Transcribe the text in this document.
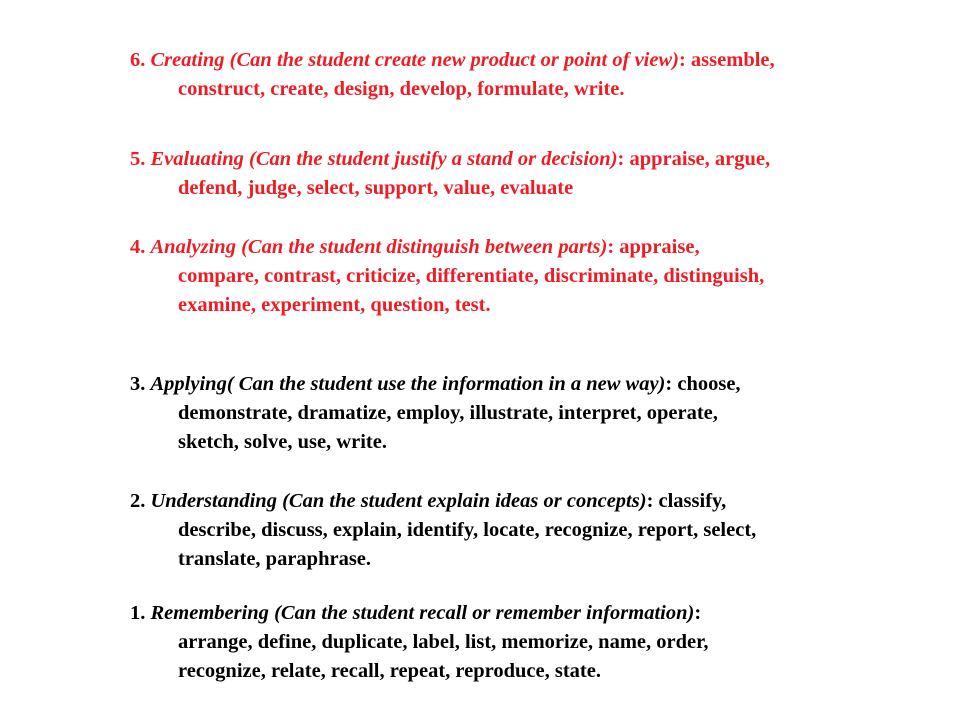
6. Creating (Can the student create new product or point of view): assemble,

construct, create, design, develop, formulate, write.

5. Evaluating (Can the student justify a stand or decision): appraise, argue,

defend, judge, select, support, value, evaluate

4. Analyzing (Can the student distinguish between parts): appraise,

compare, contrast, criticize, differentiate, discriminate, distinguish,

examine, experiment, question, test.

3. Applying( Can the student use the information in a new way): choose,

demonstrate, dramatize, employ, illustrate, interpret, operate,

sketch, solve, use, write.

2. Understanding (Can the student explain ideas or concepts): classify,

describe, discuss, explain, identify, locate, recognize, report, select,

translate, paraphrase.

1. Remembering (Can the student recall or remember information):

arrange, define, duplicate, label, list, memorize, name, order,

recognize, relate, recall, repeat, reproduce, state.
